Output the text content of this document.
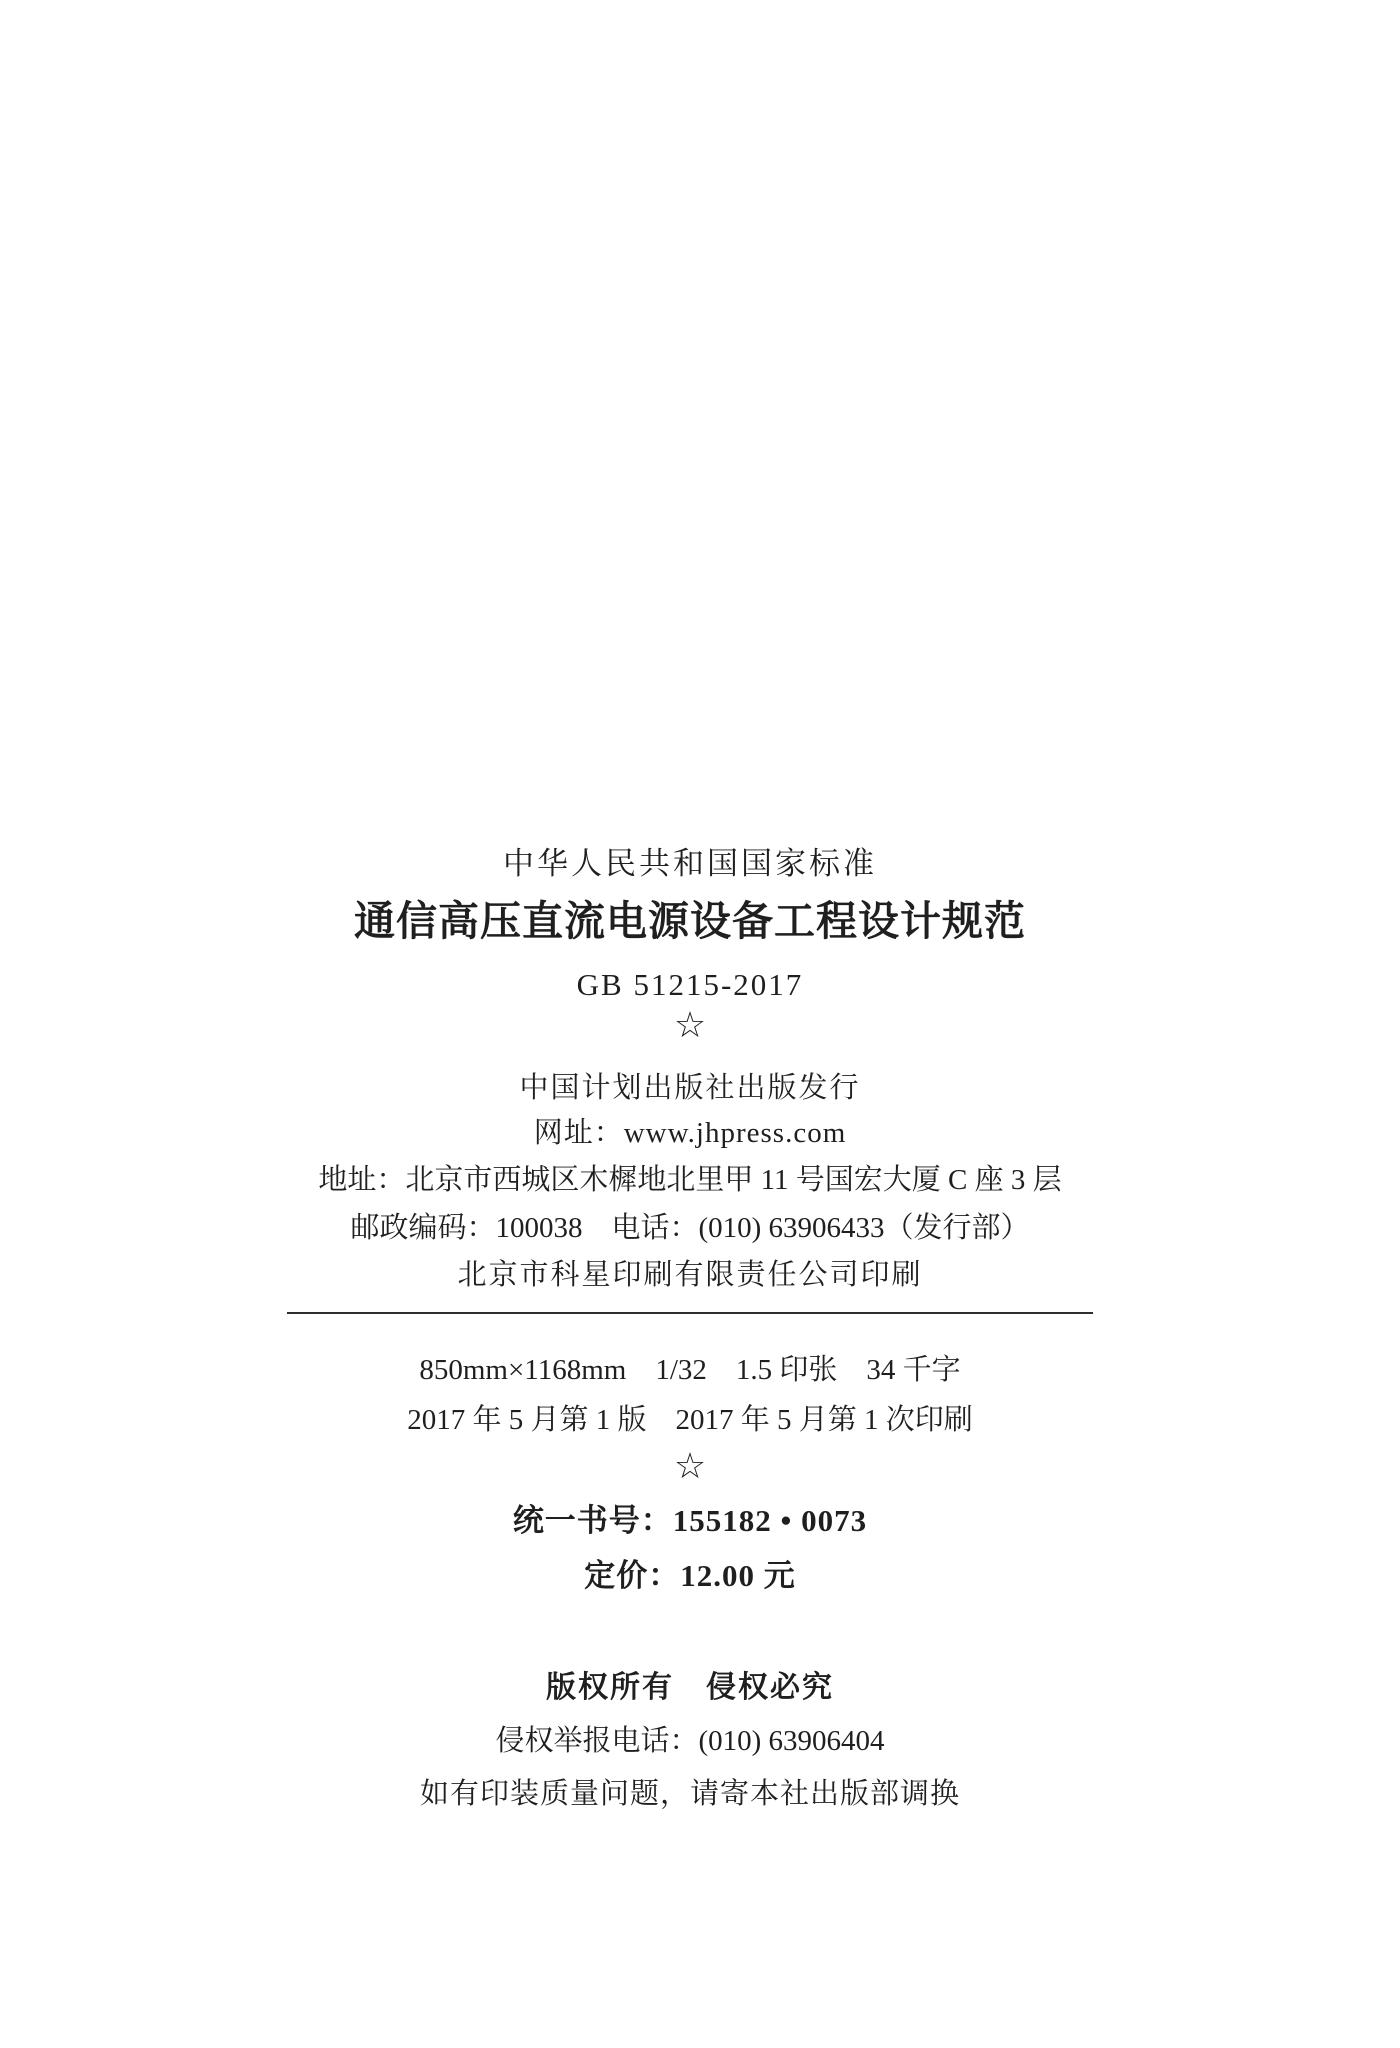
中华人民共和国国家标准
通信高压直流电源设备工程设计规范
GB 51215-2017
☆
中国计划出版社出版发行
网址：www.jhpress.com
地址：北京市西城区木樨地北里甲 11 号国宏大厦 C 座 3 层
邮政编码：100038　电话：(010) 63906433（发行部）
北京市科星印刷有限责任公司印刷
850mm×1168mm　1/32　1.5 印张　34 千字
2017 年 5 月第 1 版　2017 年 5 月第 1 次印刷
☆
统一书号：155182 • 0073
定价：12.00 元
版权所有　侵权必究
侵权举报电话：(010) 63906404
如有印装质量问题，请寄本社出版部调换
